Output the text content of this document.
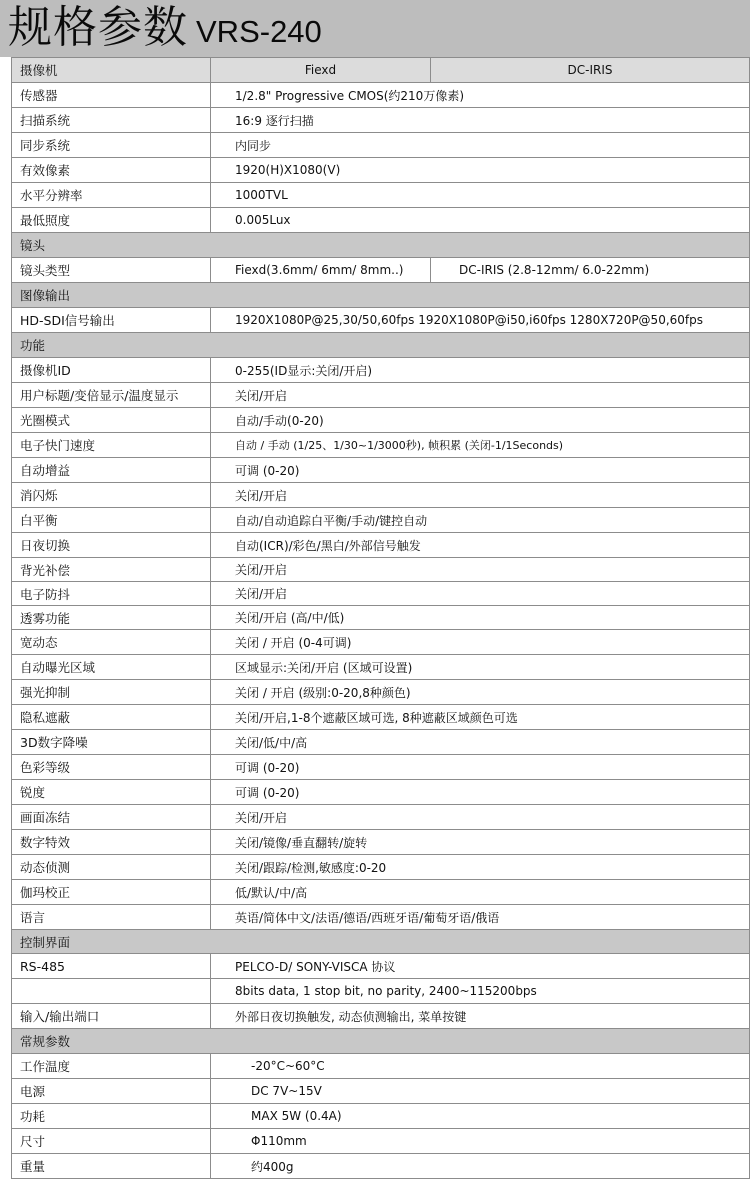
规格参数 VRS-240
摄像机	Fiexd	DC-IRIS
传感器	1/2.8" Progressive CMOS(约210万像素)	
扫描系统	16:9 逐行扫描	
同步系统	内同步	
有效像素	1920(H)X1080(V)	
水平分辨率	1000TVL	
最低照度	0.005Lux	
镜头		
镜头类型	Fiexd(3.6mm/ 6mm/ 8mm..)	DC-IRIS (2.8-12mm/ 6.0-22mm)
图像输出		
HD-SDI信号输出	1920X1080P@25,30/50,60fps 1920X1080P@i50,i60fps 1280X720P@50,60fps	
功能		
摄像机ID	0-255(ID显示:关闭/开启)	
用户标题/变倍显示/温度显示	关闭/开启	
光圈模式	自动/手动(0-20)	
电子快门速度	自动 / 手动 (1/25、1/30~1/3000秒), 帧积累 (关闭-1/1Seconds)	
自动增益	可调 (0-20)	
消闪烁	关闭/开启	
白平衡	自动/自动追踪白平衡/手动/键控自动	
日夜切换	自动(ICR)/彩色/黑白/外部信号触发	
背光补偿	关闭/开启	
电子防抖	关闭/开启	
透雾功能	关闭/开启 (高/中/低)	
宽动态	关闭 / 开启 (0-4可调)	
自动曝光区域	区域显示:关闭/开启 (区域可设置)	
强光抑制	关闭 / 开启 (级别:0-20,8种颜色)	
隐私遮蔽	关闭/开启,1-8个遮蔽区域可选, 8种遮蔽区域颜色可选	
3D数字降噪	关闭/低/中/高	
色彩等级	可调 (0-20)	
锐度	可调 (0-20)	
画面冻结	关闭/开启	
数字特效	关闭/镜像/垂直翻转/旋转	
动态侦测	关闭/跟踪/检测,敏感度:0-20	
伽玛校正	低/默认/中/高	
语言	英语/简体中文/法语/德语/西班牙语/葡萄牙语/俄语	
控制界面		
RS-485	PELCO-D/ SONY-VISCA 协议	
	8bits data, 1 stop bit, no parity, 2400~115200bps	
输入/输出端口	外部日夜切换触发, 动态侦测输出, 菜单按键	
常规参数		
工作温度	-20°C~60°C	
电源	DC 7V~15V	
功耗	MAX 5W (0.4A)	
尺寸	Φ110mm	
重量	约400g	
